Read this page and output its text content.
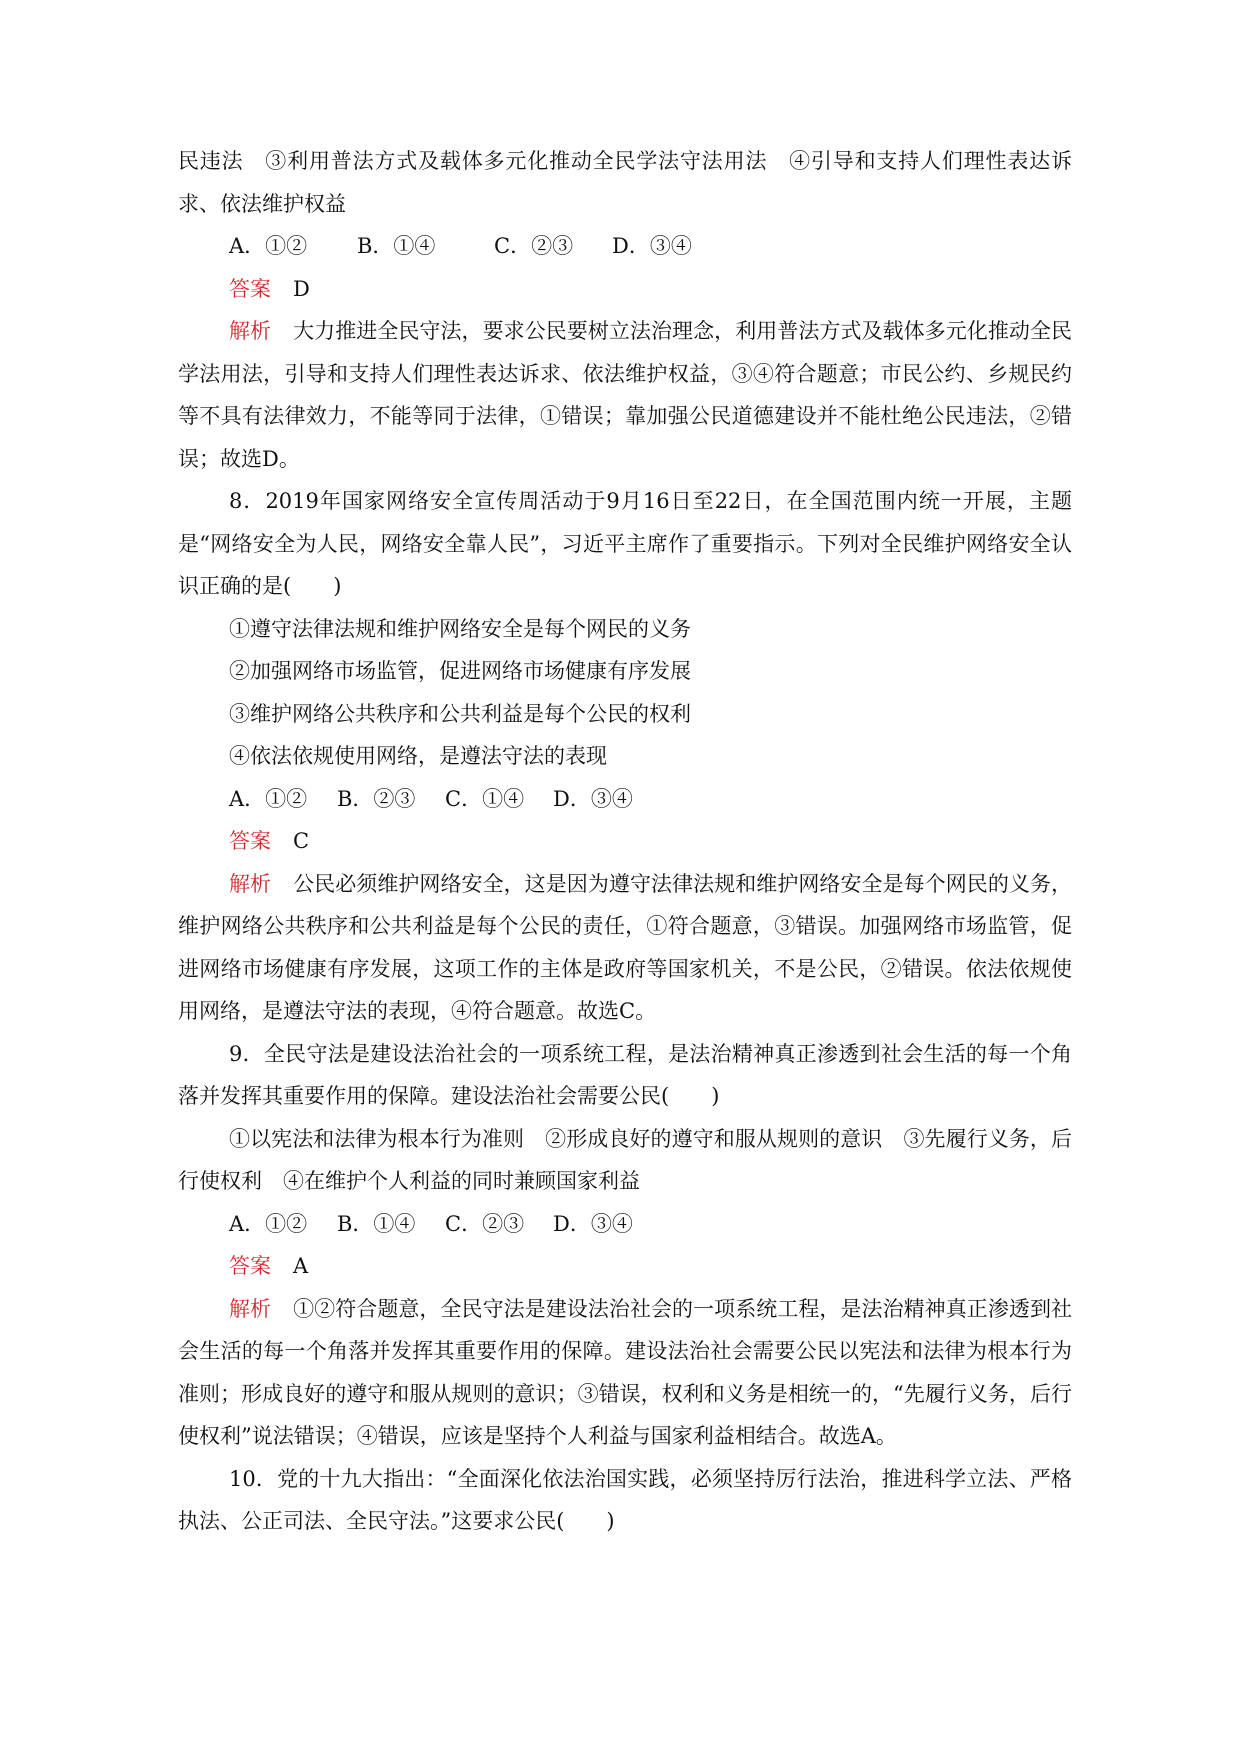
民违法　③利用普法方式及载体多元化推动全民学法守法用法　④引导和支持人们理性表达诉求、依法维护权益

A．①② B．①④	C．②③ D．③④

答案 D

解析 大力推进全民守法，要求公民要树立法治理念，利用普法方式及载体多元化推动全民学法用法，引导和支持人们理性表达诉求、依法维护权益，③④符合题意；市民公约、乡规民约等不具有法律效力，不能等同于法律，①错误；靠加强公民道德建设并不能杜绝公民违法，②错误；故选D。

8．2019年国家网络安全宣传周活动于9月16日至22日，在全国范围内统一开展，主题是“网络安全为人民，网络安全靠人民”，习近平主席作了重要指示。下列对全民维护网络安全认识正确的是(　　)

①遵守法律法规和维护网络安全是每个网民的义务

②加强网络市场监管，促进网络市场健康有序发展

③维护网络公共秩序和公共利益是每个公民的权利

④依法依规使用网络，是遵法守法的表现

A．①② B．②③ C．①④ D．③④

答案 C

解析 公民必须维护网络安全，这是因为遵守法律法规和维护网络安全是每个网民的义务，维护网络公共秩序和公共利益是每个公民的责任，①符合题意，③错误。加强网络市场监管，促进网络市场健康有序发展，这项工作的主体是政府等国家机关，不是公民，②错误。依法依规使用网络，是遵法守法的表现，④符合题意。故选C。

9．全民守法是建设法治社会的一项系统工程，是法治精神真正渗透到社会生活的每一个角落并发挥其重要作用的保障。建设法治社会需要公民(　　)

①以宪法和法律为根本行为准则　②形成良好的遵守和服从规则的意识　③先履行义务，后行使权利　④在维护个人利益的同时兼顾国家利益

A．①② B．①④ C．②③ D．③④

答案 A

解析 ①②符合题意，全民守法是建设法治社会的一项系统工程，是法治精神真正渗透到社会生活的每一个角落并发挥其重要作用的保障。建设法治社会需要公民以宪法和法律为根本行为准则；形成良好的遵守和服从规则的意识；③错误，权利和义务是相统一的，“先履行义务，后行使权利”说法错误；④错误，应该是坚持个人利益与国家利益相结合。故选A。

10．党的十九大指出：“全面深化依法治国实践，必须坚持厉行法治，推进科学立法、严格执法、公正司法、全民守法。”这要求公民(　　)
